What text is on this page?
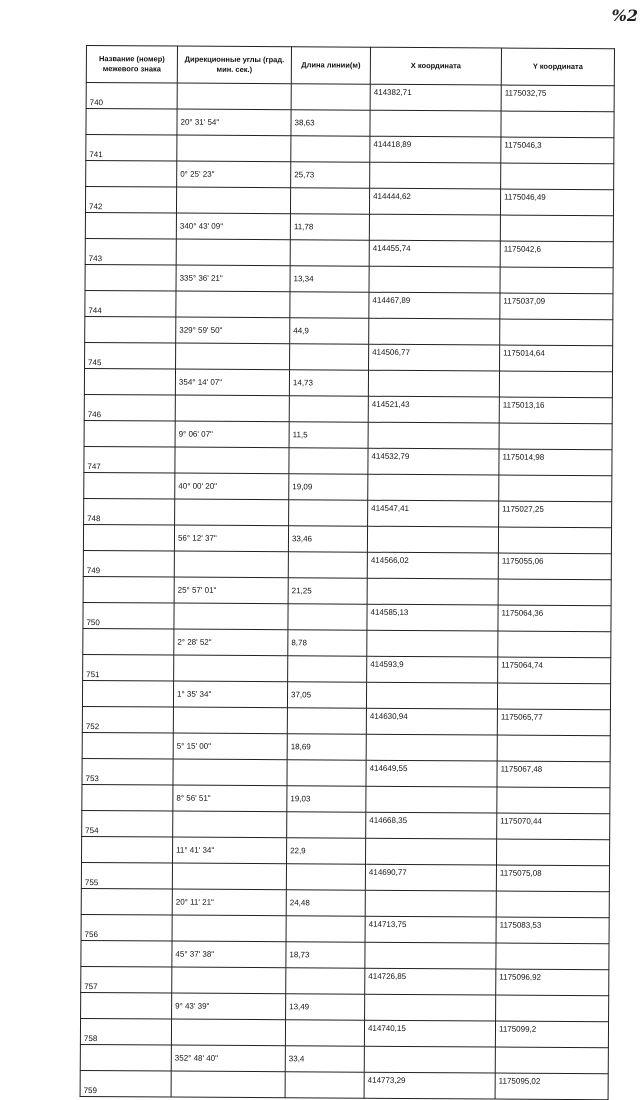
%2
Название (номер) межевого знака	Дирекционные углы (град. мин. сек.)	Длина линии(м)	X координата	Y координата
740			414382,71	1175032,75
	20° 31' 54"	38,63		
741			414418,89	1175046,3
	0° 25' 23"	25,73		
742			414444,62	1175046,49
	340° 43' 09"	11,78		
743			414455,74	1175042,6
	335° 36' 21"	13,34		
744			414467,89	1175037,09
	329° 59' 50"	44,9		
745			414506,77	1175014,64
	354° 14' 07"	14,73		
746			414521,43	1175013,16
	9° 06' 07"	11,5		
747			414532,79	1175014,98
	40° 00' 20"	19,09		
748			414547,41	1175027,25
	56° 12' 37"	33,46		
749			414566,02	1175055,06
	25° 57' 01"	21,25		
750			414585,13	1175064,36
	2° 28' 52"	8,78		
751			414593,9	1175064,74
	1° 35' 34"	37,05		
752			414630,94	1175065,77
	5° 15' 00"	18,69		
753			414649,55	1175067,48
	8° 56' 51"	19,03		
754			414668,35	1175070,44
	11° 41' 34"	22,9		
755			414690,77	1175075,08
	20° 11' 21"	24,48		
756			414713,75	1175083,53
	45° 37' 38"	18,73		
757			414726,85	1175096,92
	9° 43' 39"	13,49		
758			414740,15	1175099,2
	352° 48' 40"	33,4		
759			414773,29	1175095,02
